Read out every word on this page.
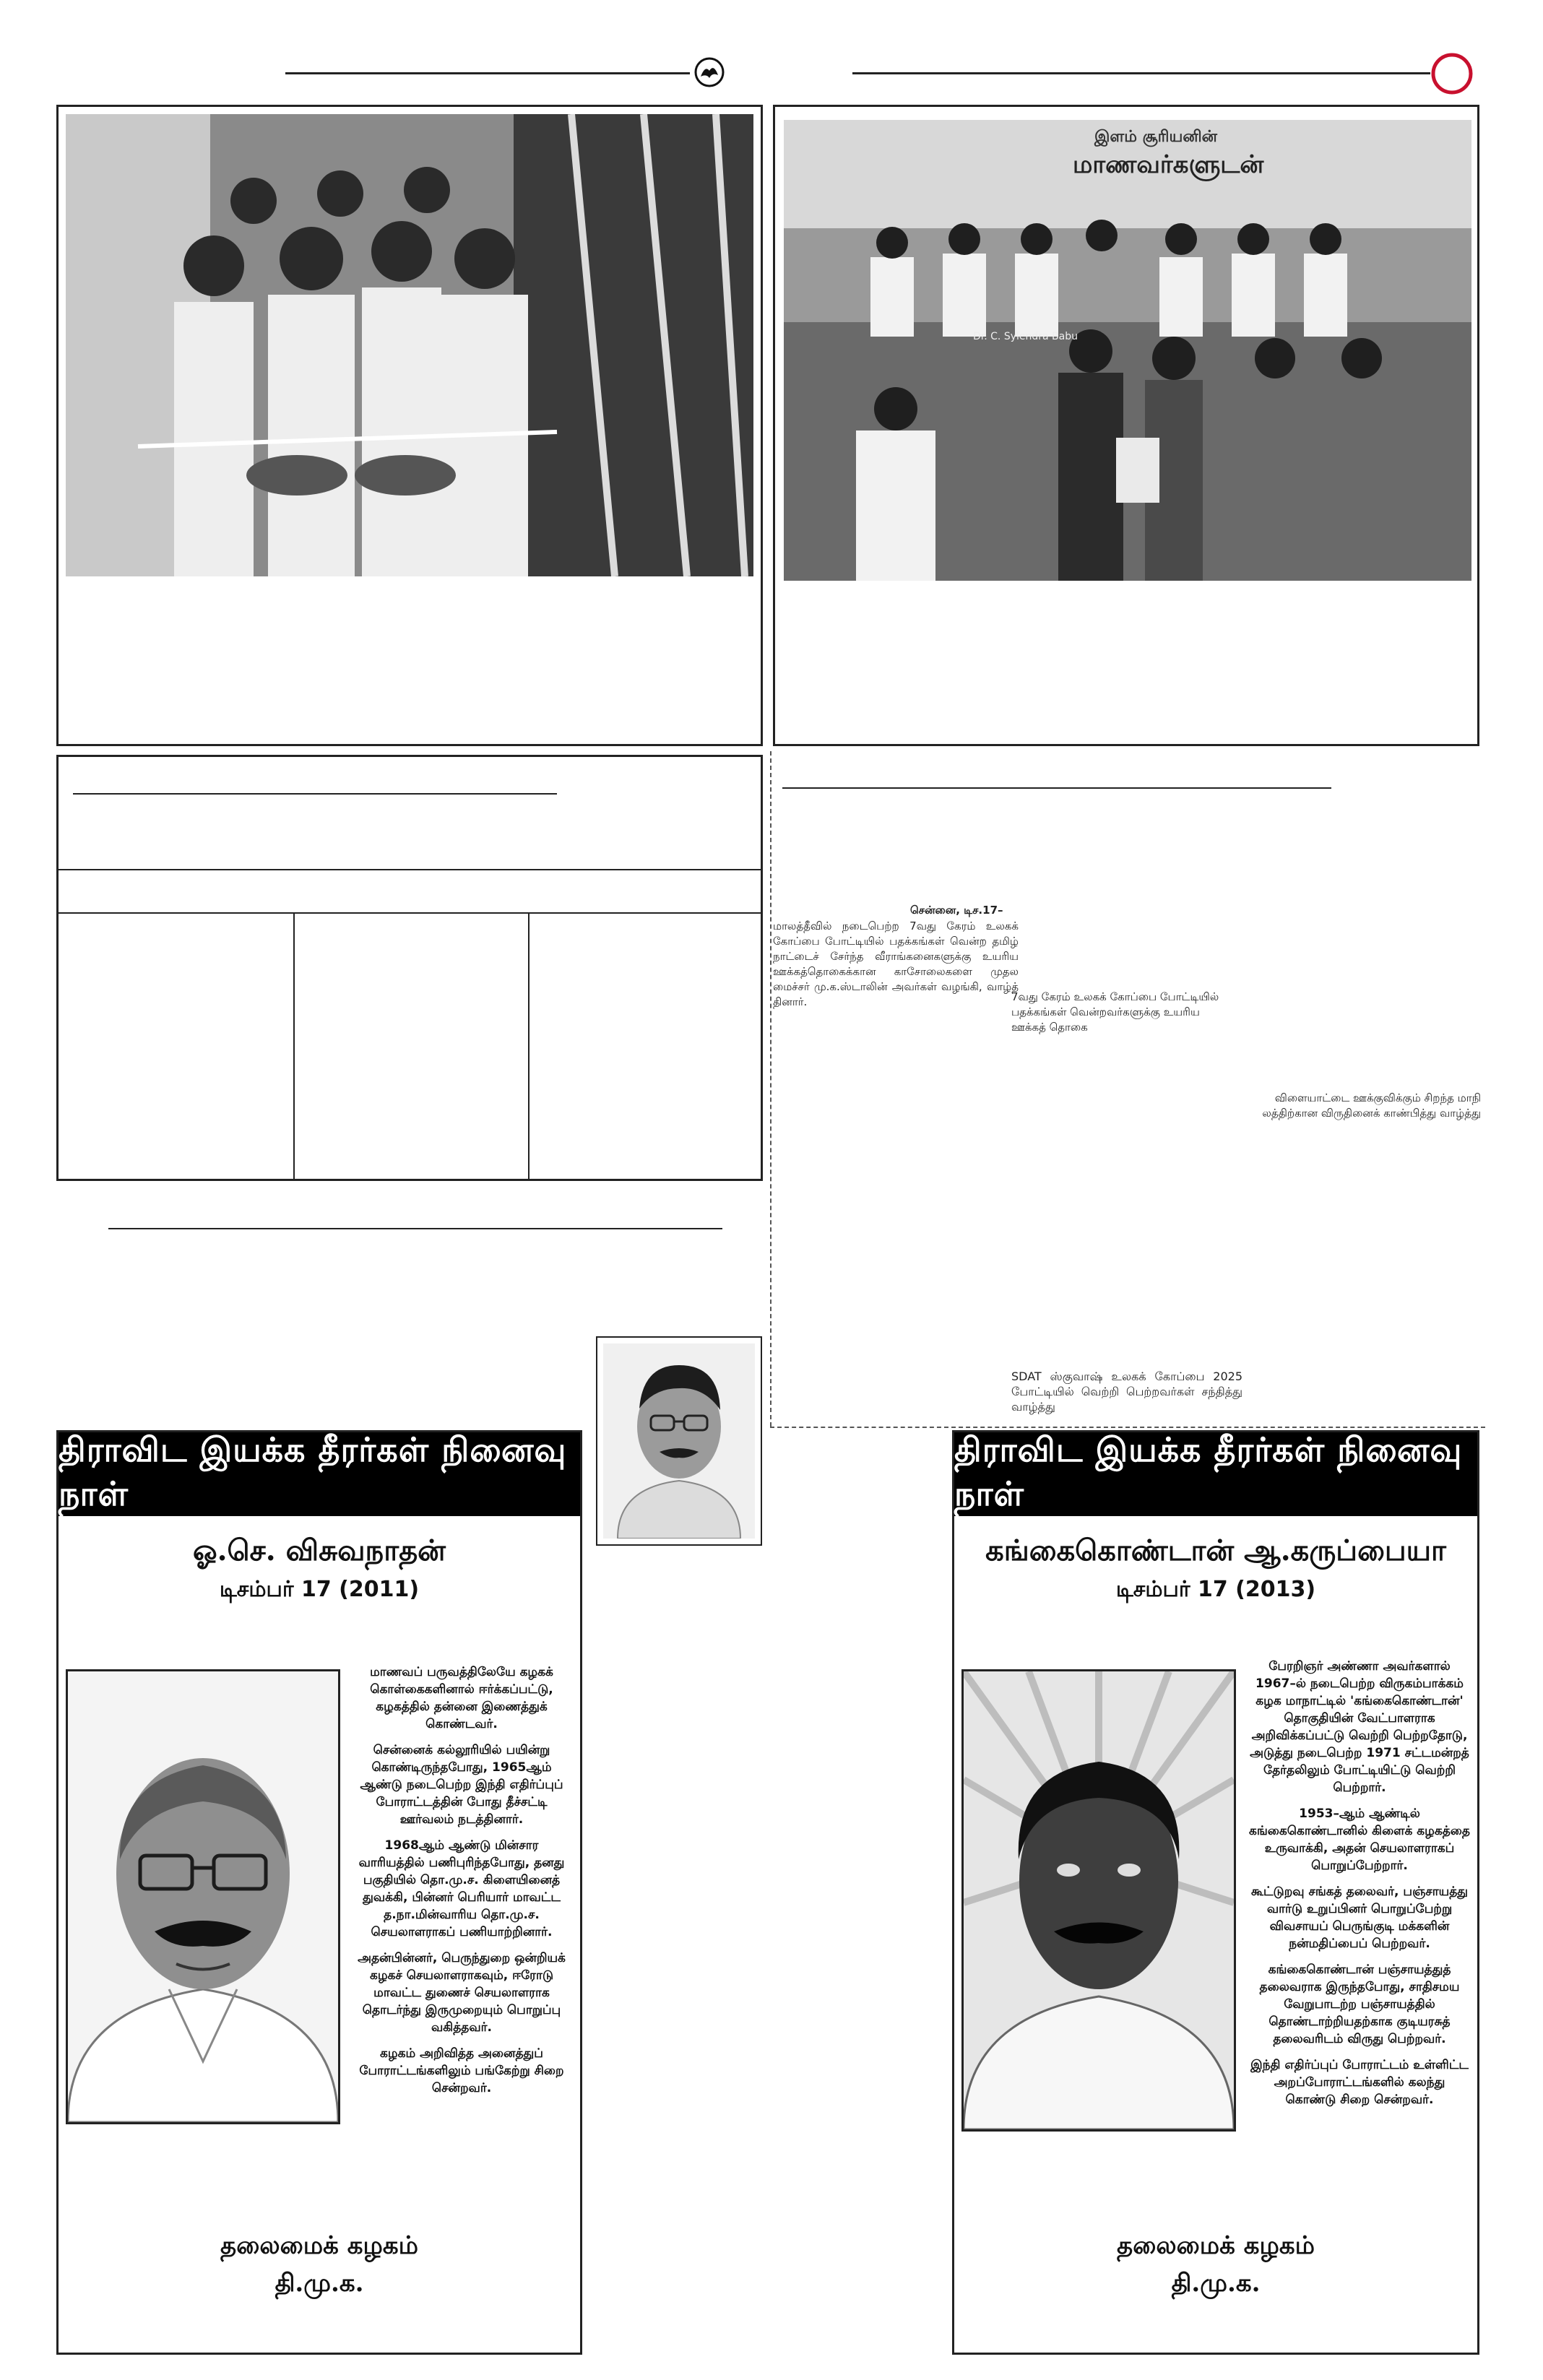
இளம் சூரியனின்
மாணவர்களுடன்
Dr. C. Sylendra Babu
சென்னை, டிச.17–
மாலத்தீவில் நடைபெற்ற 7வது கேரம் உலகக் கோப்பை போட்டியில் பதக்கங்கள் வென்ற தமிழ் நாட்டைச் சேர்ந்த வீராங்கனைகளுக்கு உயரிய ஊக்கத்தொகைக்கான காசோலைகளை முதல மைச்சர் மு.க.ஸ்டாலின் அவர்கள் வழங்கி, வாழ்த் தினார்.	7வது கேரம் உலகக் கோப்பை போட்டியில் பதக்கங்கள் வென்றவர்களுக்கு உயரிய ஊக்கத் தொகை
விளையாட்டை ஊக்குவிக்கும் சிறந்த மாநி லத்திற்கான விருதினைக் காண்பித்து வாழ்த்து
SDAT ஸ்குவாஷ் உலகக் கோப்பை 2025 போட்டியில் வெற்றி பெற்றவர்கள் சந்தித்து வாழ்த்து
திராவிட இயக்க தீரர்கள் நினைவு நாள்
ஓ.செ. விசுவநாதன்
டிசம்பர் 17 (2011)

மாணவப் பருவத்திலேயே கழகக் கொள்கைகளினால் ஈர்க்கப்பட்டு, கழகத்தில் தன்னை இணைத்துக் கொண்டவர்.

சென்னைக் கல்லூரியில் பயின்று கொண்டிருந்தபோது, 1965ஆம் ஆண்டு நடைபெற்ற இந்தி எதிர்ப்புப் போராட்டத்தின் போது தீச்சட்டி ஊர்வலம் நடத்தினார்.

1968ஆம் ஆண்டு மின்சார வாரியத்தில் பணிபுரிந்தபோது, தனது பகுதியில் தொ.மு.ச. கிளையினைத் துவக்கி, பின்னர் பெரியார் மாவட்ட த.நா.மின்வாரிய தொ.மு.ச. செயலாளராகப் பணியாற்றினார்.

அதன்பின்னர், பெருந்துறை ஒன்றியக் கழகச் செயலாளராகவும், ஈரோடு மாவட்ட துணைச் செயலாளராக தொடர்ந்து இருமுறையும் பொறுப்பு வகித்தவர்.

கழகம் அறிவித்த அனைத்துப் போராட்டங்களிலும் பங்கேற்று சிறை சென்றவர்.

தலைமைக் கழகம்
தி.மு.க.
திராவிட இயக்க தீரர்கள் நினைவு நாள்
கங்கைகொண்டான் ஆ.கருப்பையா
டிசம்பர் 17 (2013)

பேரறிஞர் அண்ணா அவர்களால் 1967–ல் நடைபெற்ற விருகம்பாக்கம் கழக மாநாட்டில் 'கங்கைகொண்டான்' தொகுதியின் வேட்பாளராக அறிவிக்கப்பட்டு வெற்றி பெற்றதோடு, அடுத்து நடைபெற்ற 1971 சட்டமன்றத் தேர்தலிலும் போட்டியிட்டு வெற்றி பெற்றார்.

1953–ஆம் ஆண்டில் கங்கைகொண்டானில் கிளைக் கழகத்தை உருவாக்கி, அதன் செயலாளராகப் பொறுப்பேற்றார்.

கூட்டுறவு சங்கத் தலைவர், பஞ்சாயத்து வார்டு உறுப்பினர் பொறுப்பேற்று விவசாயப் பெருங்குடி மக்களின் நன்மதிப்பைப் பெற்றவர்.

கங்கைகொண்டான் பஞ்சாயத்துத் தலைவராக இருந்தபோது, சாதிசமய வேறுபாடற்ற பஞ்சாயத்தில் தொண்டாற்றியதற்காக குடியரசுத் தலைவரிடம் விருது பெற்றவர்.

இந்தி எதிர்ப்புப் போராட்டம் உள்ளிட்ட அறப்போராட்டங்களில் கலந்து கொண்டு சிறை சென்றவர்.

தலைமைக் கழகம்
தி.மு.க.
